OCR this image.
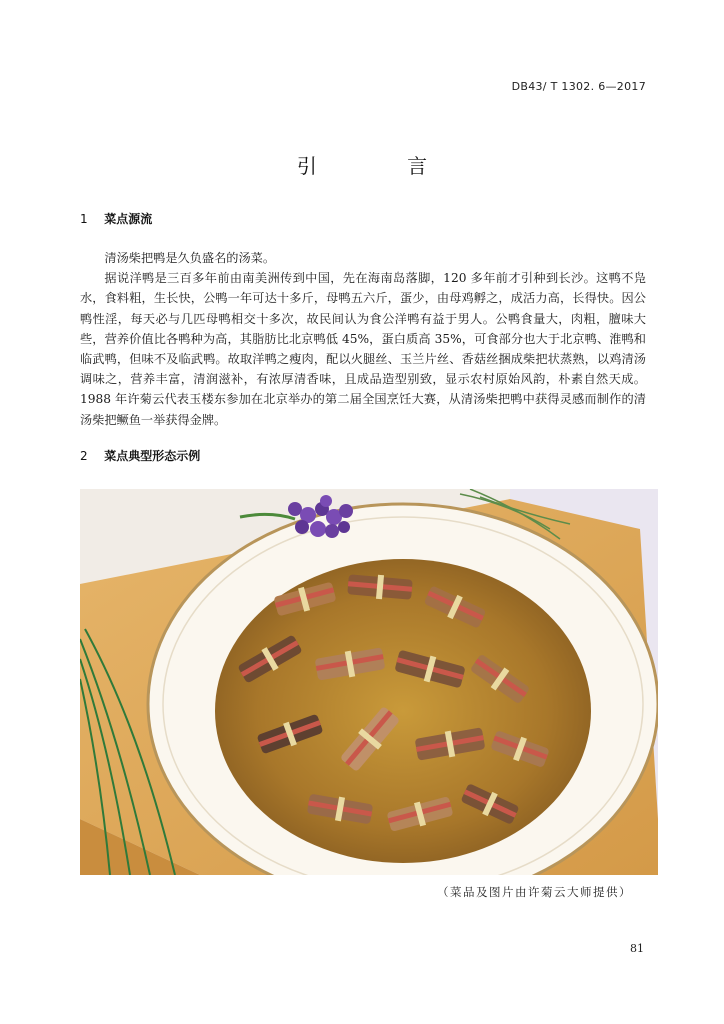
DB43/ T 1302. 6—2017
引 言
1 菜点源流

清汤柴把鸭是久负盛名的汤菜。

据说洋鸭是三百多年前由南美洲传到中国，先在海南岛落脚，120 多年前才引种到长沙。这鸭不凫水，食料粗，生长快，公鸭一年可达十多斤，母鸭五六斤，蛋少，由母鸡孵之，成活力高，长得快。因公鸭性淫，每天必与几匹母鸭相交十多次，故民间认为食公洋鸭有益于男人。公鸭食量大，肉粗，膻味大些，营养价值比各鸭种为高，其脂肪比北京鸭低 45%，蛋白质高 35%，可食部分也大于北京鸭、淮鸭和临武鸭，但味不及临武鸭。故取洋鸭之瘦肉，配以火腿丝、玉兰片丝、香菇丝捆成柴把状蒸熟，以鸡清汤调味之，营养丰富，清润滋补，有浓厚清香味，且成品造型别致，显示农村原始风韵，朴素自然天成。1988 年许菊云代表玉楼东参加在北京举办的第二届全国烹饪大赛，从清汤柴把鸭中获得灵感而制作的清汤柴把鳜鱼一举获得金牌。

2 菜点典型形态示例
（菜品及图片由许菊云大师提供）
81
